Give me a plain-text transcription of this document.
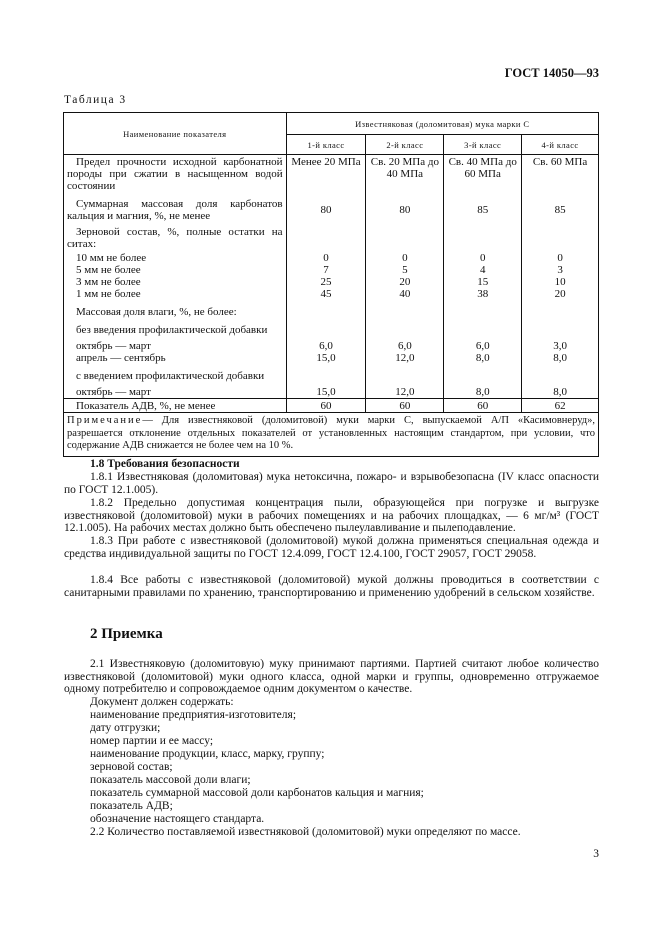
ГОСТ 14050—93
Таблица 3
Наименование показателя	Известняковая (доломитовая) мука марки С			
	1-й класс	2-й класс	3-й класс	4-й класс
Предел прочности исходной карбонатной породы при сжатии в насыщенном водой состоянии	Менее 20 МПа	Св. 20 МПа до 40 МПа	Св. 40 МПа до 60 МПа	Св. 60 МПа
Суммарная массовая доля карбонатов кальция и магния, %, не менее	80	80	85	85
Зерновой состав, %, полные остатки на ситах:				
10 мм не более	0	0	0	0
5 мм не более	7	5	4	3
3 мм не более	25	20	15	10
1 мм не более	45	40	38	20
Массовая доля влаги, %, не более:				
без введения профилактической добавки				
октябрь — март	6,0	6,0	6,0	3,0
апрель — сентябрь	15,0	12,0	8,0	8,0
с введением профилактической добавки				
октябрь — март	15,0	12,0	8,0	8,0
Показатель АДВ, %, не менее	60	60	60	62
Примечание— Для известняковой (доломитовой) муки марки С, выпускаемой А/П «Касимовнеруд», разрешается отклонение отдельных показателей от установленных настоящим стандартом, при условии, что содержание АДВ снижается не более чем на 10 %.				
1.8 Требования безопасности
1.8.1 Известняковая (доломитовая) мука нетоксична, пожаро- и взрывобезопасна (IV класс опасности по ГОСТ 12.1.005).
1.8.2 Предельно допустимая концентрация пыли, образующейся при погрузке и выгрузке известняковой (доломитовой) муки в рабочих помещениях и на рабочих площадках, — 6 мг/м³ (ГОСТ 12.1.005). На рабочих местах должно быть обеспечено пылеулавливание и пылеподавление.
1.8.3 При работе с известняковой (доломитовой) мукой должна применяться специальная одежда и средства индивидуальной защиты по ГОСТ 12.4.099, ГОСТ 12.4.100, ГОСТ 29057, ГОСТ 29058.
1.8.4 Все работы с известняковой (доломитовой) мукой должны проводиться в соответствии с санитарными правилами по хранению, транспортированию и применению удобрений в сельском хозяйстве.
2 Приемка
2.1 Известняковую (доломитовую) муку принимают партиями. Партией считают любое количество известняковой (доломитовой) муки одного класса, одной марки и группы, одновременно отгружаемое одному потребителю и сопровождаемое одним документом о качестве.
Документ должен содержать:
наименование предприятия-изготовителя;
дату отгрузки;
номер партии и ее массу;
наименование продукции, класс, марку, группу;
зерновой состав;
показатель массовой доли влаги;
показатель суммарной массовой доли карбонатов кальция и магния;
показатель АДВ;
обозначение настоящего стандарта.
2.2 Количество поставляемой известняковой (доломитовой) муки определяют по массе.
3
